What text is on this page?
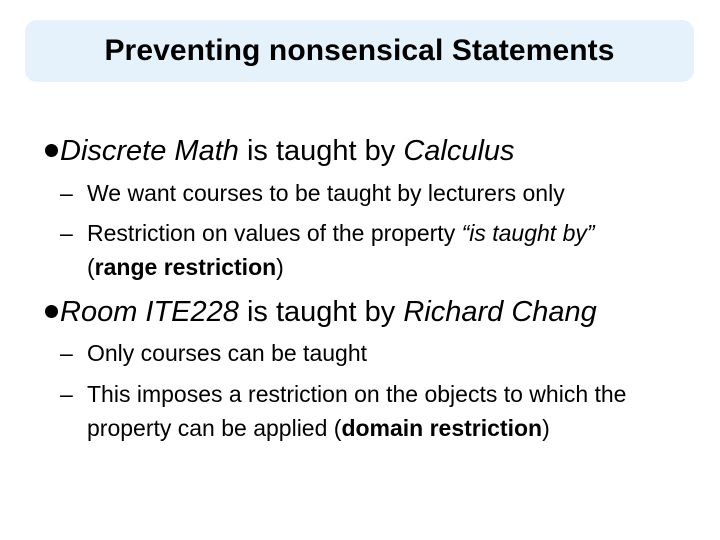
Preventing nonsensical Statements
Discrete Math is taught by Calculus
– We want courses to be taught by lecturers only
– Restriction on values of the property “is taught by” (range restriction)
Room ITE228 is taught by Richard Chang
– Only courses can be taught
– This imposes a restriction on the objects to which the property can be applied (domain restriction)
